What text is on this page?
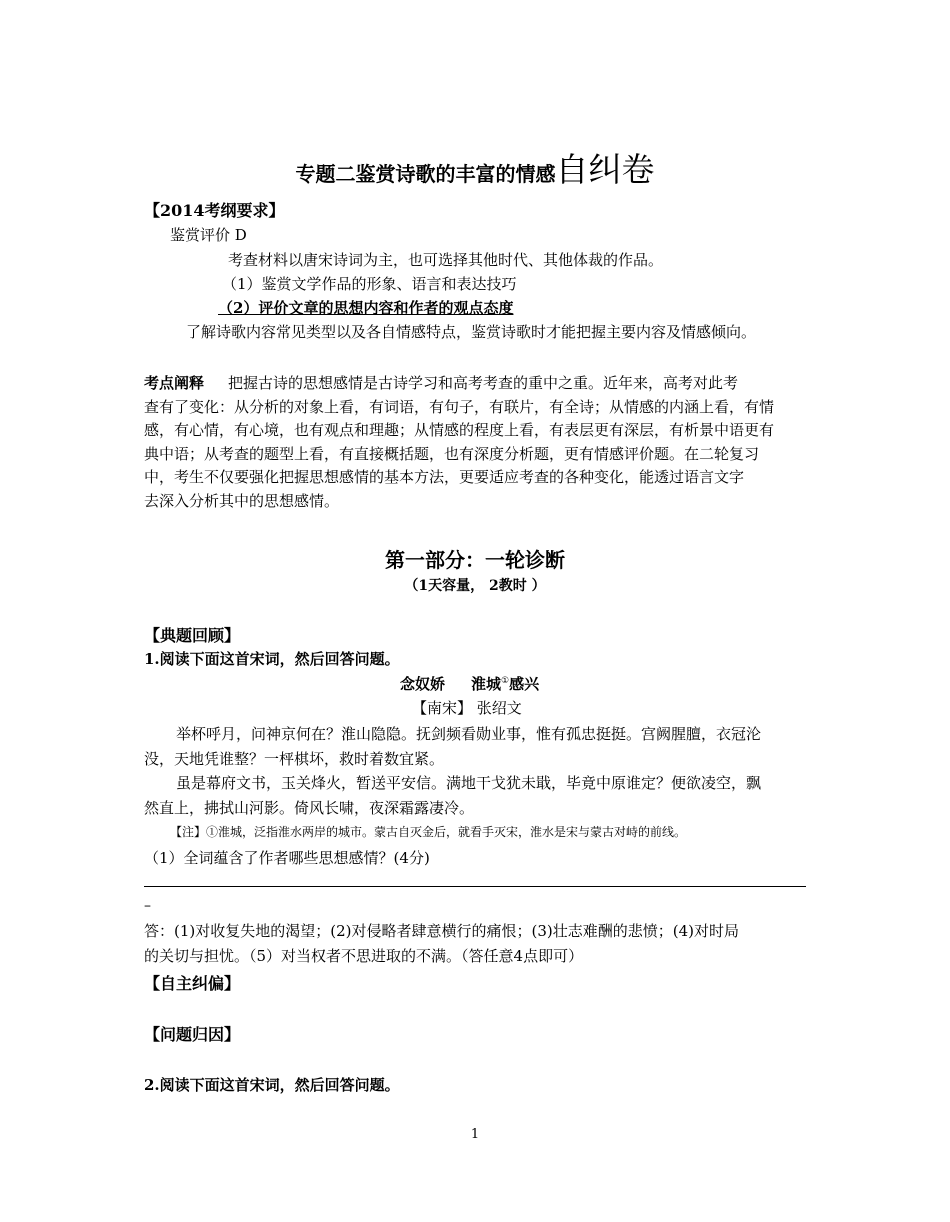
专题二鉴赏诗歌的丰富的情感自纠卷
【2014考纲要求】
鉴赏评价 D
考查材料以唐宋诗词为主，也可选择其他时代、其他体裁的作品。
（1）鉴赏文学作品的形象、语言和表达技巧
（2）评价文章的思想内容和作者的观点态度
了解诗歌内容常见类型以及各自情感特点，鉴赏诗歌时才能把握主要内容及情感倾向。
考点阐释 把握古诗的思想感情是古诗学习和高考考查的重中之重。近年来，高考对此考
查有了变化：从分析的对象上看，有词语，有句子，有联片，有全诗；从情感的内涵上看，有情
感，有心情，有心境，也有观点和理趣；从情感的程度上看，有表层更有深层，有析景中语更有
典中语；从考查的题型上看，有直接概括题，也有深度分析题，更有情感评价题。在二轮复习
中，考生不仅要强化把握思想感情的基本方法，更要适应考查的各种变化，能透过语言文字
去深入分析其中的思想感情。
第一部分：一轮诊断
（1天容量， 2教时 ）
【典题回顾】
1.阅读下面这首宋词，然后回答问题。
念奴娇 淮城①感兴
【南宋】 张绍文
举杯呼月，问神京何在？淮山隐隐。抚剑频看勋业事，惟有孤忠挺挺。宫阙腥膻，衣冠沦
没，天地凭谁整？一枰棋坏，救时着数宜紧。
虽是幕府文书，玉关烽火，暂送平安信。满地干戈犹未戢，毕竟中原谁定？便欲凌空，飘
然直上，拂拭山河影。倚风长啸，夜深霜露凄冷。
【注】①淮城，泛指淮水两岸的城市。蒙古自灭金后，就看手灭宋，淮水是宋与蒙古对峙的前线。
（1）全词蕴含了作者哪些思想感情？(4分)
–
答：(1)对收复失地的渴望；(2)对侵略者肆意横行的痛恨；(3)壮志难酬的悲愤；(4)对时局
的关切与担忧。（5）对当权者不思进取的不满。（答任意4点即可）
【自主纠偏】
【问题归因】
2.阅读下面这首宋词，然后回答问题。
1
